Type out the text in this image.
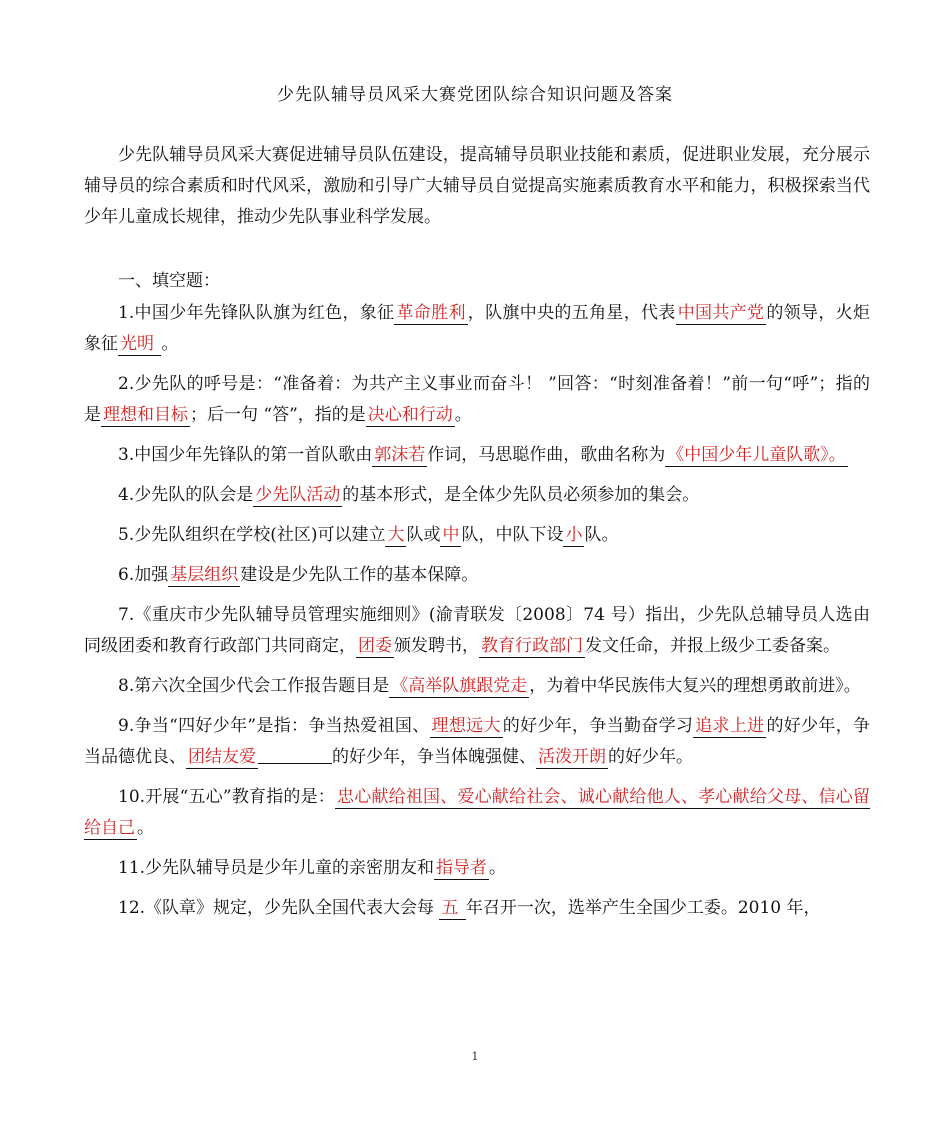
少先队辅导员风采大赛党团队综合知识问题及答案
少先队辅导员风采大赛促进辅导员队伍建设，提高辅导员职业技能和素质，促进职业发展，充分展示辅导员的综合素质和时代风采，激励和引导广大辅导员自觉提高实施素质教育水平和能力，积极探索当代少年儿童成长规律，推动少先队事业科学发展。
一、填空题：
1.中国少年先锋队队旗为红色，象征 革命胜利 ，队旗中央的五角星，代表 中国共产党 的领导，火炬象征 光明 。
2.少先队的呼号是：“准备着：为共产主义事业而奋斗！ ”回答：“时刻准备着！”前一句“呼”；指的是 理想和目标 ；后一句 “答”，指的是 决心和行动 。
3.中国少年先锋队的第一首队歌由 郭沫若 作词，马思聪作曲，歌曲名称为 《中国少年儿童队歌》。
4.少先队的队会是 少先队活动 的基本形式，是全体少先队员必须参加的集会。
5.少先队组织在学校(社区)可以建立 大 队或 中 队，中队下设 小 队。
6.加强 基层组织 建设是少先队工作的基本保障。
7.《重庆市少先队辅导员管理实施细则》(渝青联发〔2008〕74 号）指出，少先队总辅导员人选由同级团委和教育行政部门共同商定， 团委 颁发聘书， 教育行政部门 发文任命，并报上级少工委备案。
8.第六次全国少代会工作报告题目是 《高举队旗跟党走 ，为着中华民族伟大复兴的理想勇敢前进》。
9.争当“四好少年”是指：争当热爱祖国、 理想远大 的好少年，争当勤奋学习 追求上进 的好少年，争当品德优良、 团结友爱	的好少年，争当体魄强健、 活泼开朗 的好少年。
10.开展“五心”教育指的是： 忠心献给祖国、爱心献给社会、诚心献给他人、孝心献给父母、信心留给自己 。
11.少先队辅导员是少年儿童的亲密朋友和 指导者 。
12.《队章》规定，少先队全国代表大会每 五 年召开一次，选举产生全国少工委。2010 年，
1
